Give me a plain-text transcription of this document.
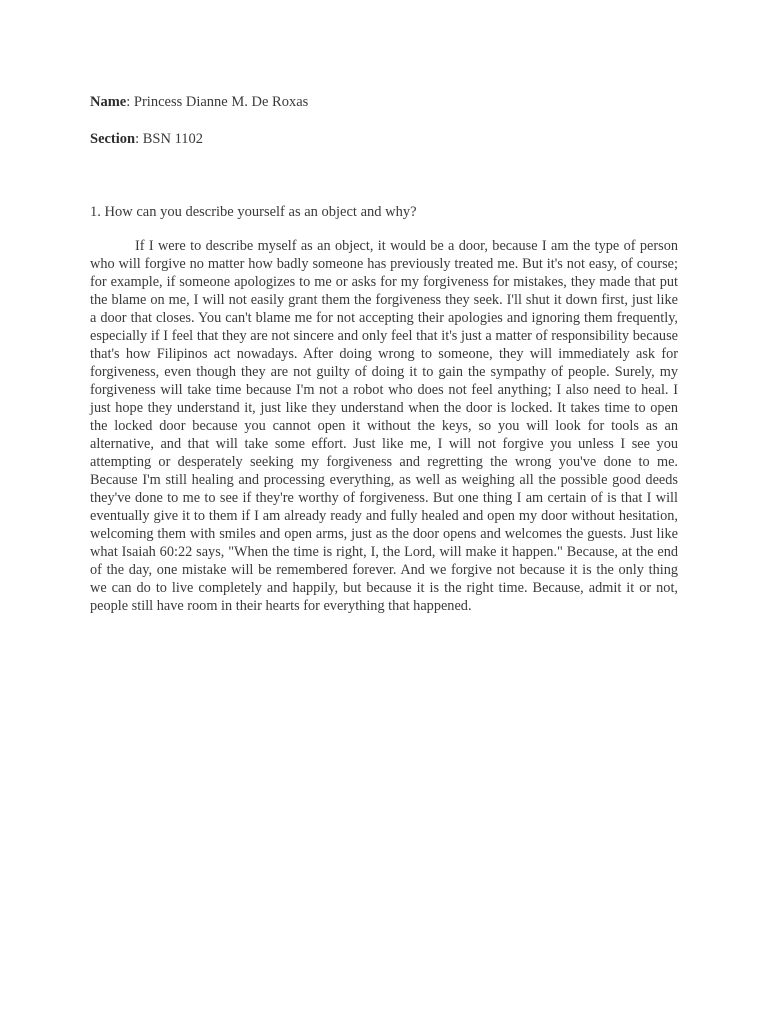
Name: Princess Dianne M. De Roxas
Section: BSN 1102
1. How can you describe yourself as an object and why?

If I were to describe myself as an object, it would be a door, because I am the type of person who will forgive no matter how badly someone has previously treated me. But it's not easy, of course; for example, if someone apologizes to me or asks for my forgiveness for mistakes, they made that put the blame on me, I will not easily grant them the forgiveness they seek. I'll shut it down first, just like a door that closes. You can't blame me for not accepting their apologies and ignoring them frequently, especially if I feel that they are not sincere and only feel that it's just a matter of responsibility because that's how Filipinos act nowadays. After doing wrong to someone, they will immediately ask for forgiveness, even though they are not guilty of doing it to gain the sympathy of people. Surely, my forgiveness will take time because I'm not a robot who does not feel anything; I also need to heal. I just hope they understand it, just like they understand when the door is locked. It takes time to open the locked door because you cannot open it without the keys, so you will look for tools as an alternative, and that will take some effort. Just like me, I will not forgive you unless I see you attempting or desperately seeking my forgiveness and regretting the wrong you've done to me. Because I'm still healing and processing everything, as well as weighing all the possible good deeds they've done to me to see if they're worthy of forgiveness. But one thing I am certain of is that I will eventually give it to them if I am already ready and fully healed and open my door without hesitation, welcoming them with smiles and open arms, just as the door opens and welcomes the guests. Just like what Isaiah 60:22 says, "When the time is right, I, the Lord, will make it happen." Because, at the end of the day, one mistake will be remembered forever. And we forgive not because it is the only thing we can do to live completely and happily, but because it is the right time. Because, admit it or not, people still have room in their hearts for everything that happened.
